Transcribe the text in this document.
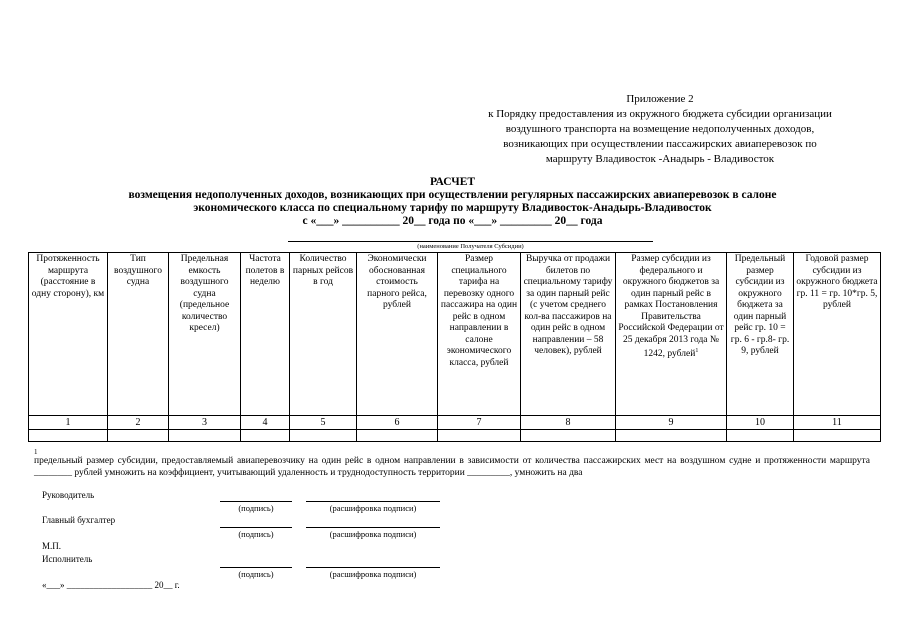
Приложение 2
к Порядку предоставления из окружного бюджета субсидии организации
воздушного транспорта на возмещение недополученных доходов,
возникающих при осуществлении пассажирских авиаперевозок по
маршруту Владивосток -Анадырь - Владивосток
РАСЧЕТ
возмещения недополученных доходов, возникающих при осуществлении регулярных пассажирских авиаперевозок в салоне
экономического класса по специальному тарифу по маршруту Владивосток-Анадырь-Владивосток
с «___» __________ 20__ года по «___» _________ 20__ года
(наименование Получателя Субсидии)
Протяженность маршрута (расстояние в одну сторону), км	Тип воздушного судна	Предельная емкость воздушного судна (предельное количество кресел)	Частота полетов в неделю	Количество парных рейсов в год	Экономически обоснованная стоимость парного рейса, рублей	Размер специального тарифа на перевозку одного пассажира на один рейс в одном направлении в салоне экономического класса, рублей	Выручка от продажи билетов по специальному тарифу за один парный рейс (с учетом среднего кол-ва пассажиров на один рейс в одном направлении – 58 человек), рублей	Размер субсидии из федерального и окружного бюджетов за один парный рейс в рамках Постановления Правительства Российской Федерации от 25 декабря 2013 года № 1242, рублей$^1$	Предельный размер субсидии из окружного бюджета за один парный рейс гр. 10 = гр. 6 - гр.8- гр. 9, рублей	Годовой размер субсидии из окружного бюджета гр. 11 = гр. 10*гр. 5, рублей
1	2	3	4	5	6	7	8	9	10	11

1
предельный размер субсидии, предоставляемый авиаперевозчику на один рейс в одном направлении в зависимости от количества пассажирских мест на воздушном судне и протяженности маршрута ________ рублей умножить на коэффициент, учитывающий удаленность и труднодоступность территории _________, умножить на два
Руководитель
(подпись)	(расшифровка подписи)
Главный бухгалтер
(подпись)	(расшифровка подписи)
М.П.
Исполнитель
(подпись)	(расшифровка подписи)
«___» ___________________ 20__ г.
